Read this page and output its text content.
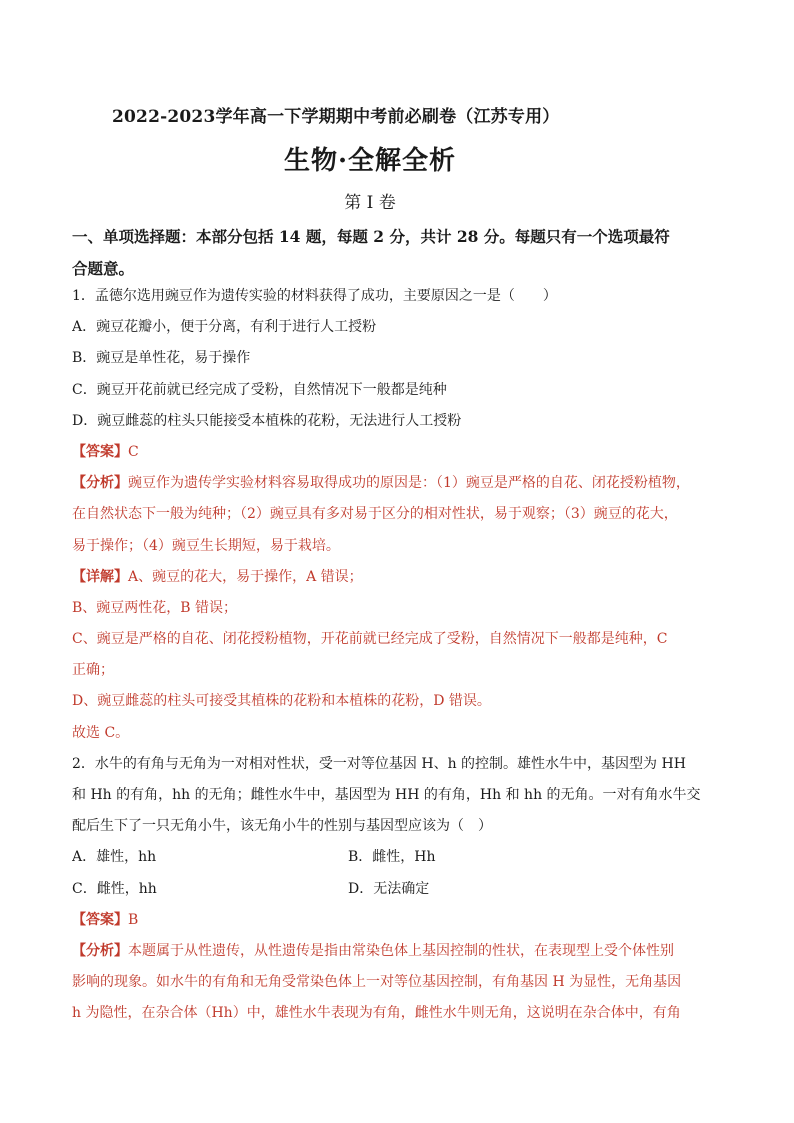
2022-2023学年高一下学期期中考前必刷卷（江苏专用）
生物·全解全析
第 I 卷
一、单项选择题：本部分包括 14 题，每题 2 分，共计 28 分。每题只有一个选项最符
合题意。
1．孟德尔选用豌豆作为遗传实验的材料获得了成功，主要原因之一是（　　）
A．豌豆花瓣小，便于分离，有利于进行人工授粉
B．豌豆是单性花，易于操作
C．豌豆开花前就已经完成了受粉，自然情况下一般都是纯种
D．豌豆雌蕊的柱头只能接受本植株的花粉，无法进行人工授粉
【答案】C
【分析】豌豆作为遗传学实验材料容易取得成功的原因是：（1）豌豆是严格的自花、闭花授粉植物，
在自然状态下一般为纯种；（2）豌豆具有多对易于区分的相对性状，易于观察；（3）豌豆的花大，
易于操作；（4）豌豆生长期短，易于栽培。
【详解】A、豌豆的花大，易于操作，A 错误；
B、豌豆两性花，B 错误；
C、豌豆是严格的自花、闭花授粉植物，开花前就已经完成了受粉，自然情况下一般都是纯种，C
正确；
D、豌豆雌蕊的柱头可接受其植株的花粉和本植株的花粉，D 错误。
故选 C。
2．水牛的有角与无角为一对相对性状，受一对等位基因 H、h 的控制。雄性水牛中，基因型为 HH
和 Hh 的有角，hh 的无角；雌性水牛中，基因型为 HH 的有角，Hh 和 hh 的无角。一对有角水牛交
配后生下了一只无角小牛，该无角小牛的性别与基因型应该为（　）
A．雄性，hh	B．雌性，Hh
C．雌性，hh	D．无法确定
【答案】B
【分析】本题属于从性遗传，从性遗传是指由常染色体上基因控制的性状，在表现型上受个体性别
影响的现象。如水牛的有角和无角受常染色体上一对等位基因控制，有角基因 H 为显性，无角基因
h 为隐性，在杂合体（Hh）中，雄性水牛表现为有角，雌性水牛则无角，这说明在杂合体中，有角
